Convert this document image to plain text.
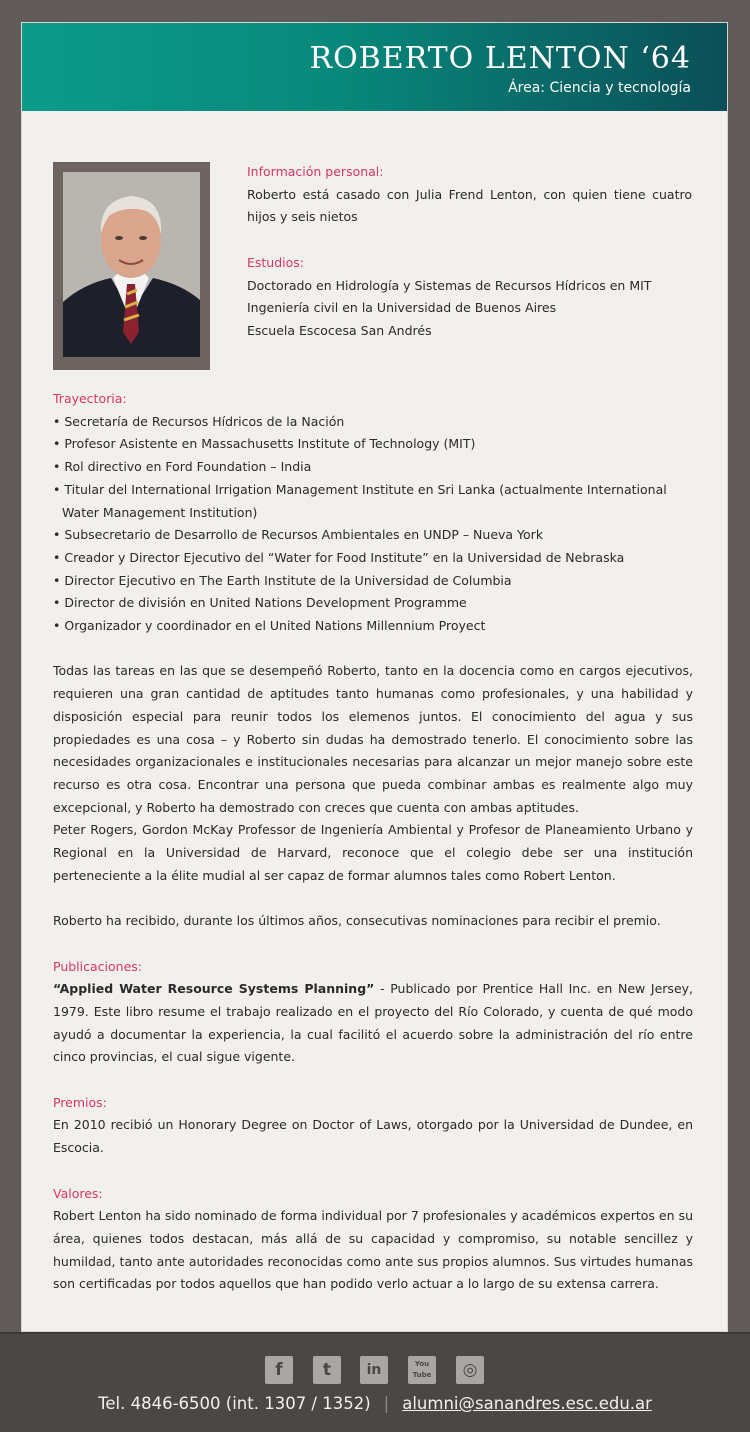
ROBERTO LENTON ‘64
Área: Ciencia y tecnología
Información personal:

Roberto está casado con Julia Frend Lenton, con quien tiene cuatro hijos y seis nietos

Estudios:
Doctorado en Hidrología y Sistemas de Recursos Hídricos en MIT
Ingeniería civil en la Universidad de Buenos Aires
Escuela Escocesa San Andrés
Trayectoria:
• Secretaría de Recursos Hídricos de la Nación
• Profesor Asistente en Massachusetts Institute of Technology (MIT)
• Rol directivo en Ford Foundation – India
• Titular del International Irrigation Management Institute en Sri Lanka (actualmente International Water Management Institution)
• Subsecretario de Desarrollo de Recursos Ambientales en UNDP – Nueva York
• Creador y Director Ejecutivo del “Water for Food Institute” en la Universidad de Nebraska
• Director Ejecutivo en The Earth Institute de la Universidad de Columbia
• Director de división en United Nations Development Programme
• Organizador y coordinador en el United Nations Millennium Proyect

Todas las tareas en las que se desempeñó Roberto, tanto en la docencia como en cargos ejecutivos, requieren una gran cantidad de aptitudes tanto humanas como profesionales, y una habilidad y disposición especial para reunir todos los elemenos juntos. El conocimiento del agua y sus propiedades es una cosa – y Roberto sin dudas ha demostrado tenerlo. El conocimiento sobre las necesidades organizacionales e institucionales necesarias para alcanzar un mejor manejo sobre este recurso es otra cosa. Encontrar una persona que pueda combinar ambas es realmente algo muy excepcional, y Roberto ha demostrado con creces que cuenta con ambas aptitudes.

Peter Rogers, Gordon McKay Professor de Ingeniería Ambiental y Profesor de Planeamiento Urbano y Regional en la Universidad de Harvard, reconoce que el colegio debe ser una institución perteneciente a la élite mudial al ser capaz de formar alumnos tales como Robert Lenton.

Roberto ha recibido, durante los últimos años, consecutivas nominaciones para recibir el premio.

Publicaciones:

“Applied Water Resource Systems Planning” - Publicado por Prentice Hall Inc. en New Jersey, 1979. Este libro resume el trabajo realizado en el proyecto del Río Colorado, y cuenta de qué modo ayudó a documentar la experiencia, la cual facilitó el acuerdo sobre la administración del río entre cinco provincias, el cual sigue vigente.

Premios:

En 2010 recibió un Honorary Degree on Doctor of Laws, otorgado por la Universidad de Dundee, en Escocia.

Valores:

Robert Lenton ha sido nominado de forma individual por 7 profesionales y académicos expertos en su área, quienes todos destacan, más allá de su capacidad y compromiso, su notable sencillez y humildad, tanto ante autoridades reconocidas como ante sus propios alumnos. Sus virtudes humanas son certificadas por todos aquellos que han podido verlo actuar a lo largo de su extensa carrera.

f	t	in	You Tube	◎
Tel. 4846-6500 (int. 1307 / 1352) | alumni@sanandres.esc.edu.ar
